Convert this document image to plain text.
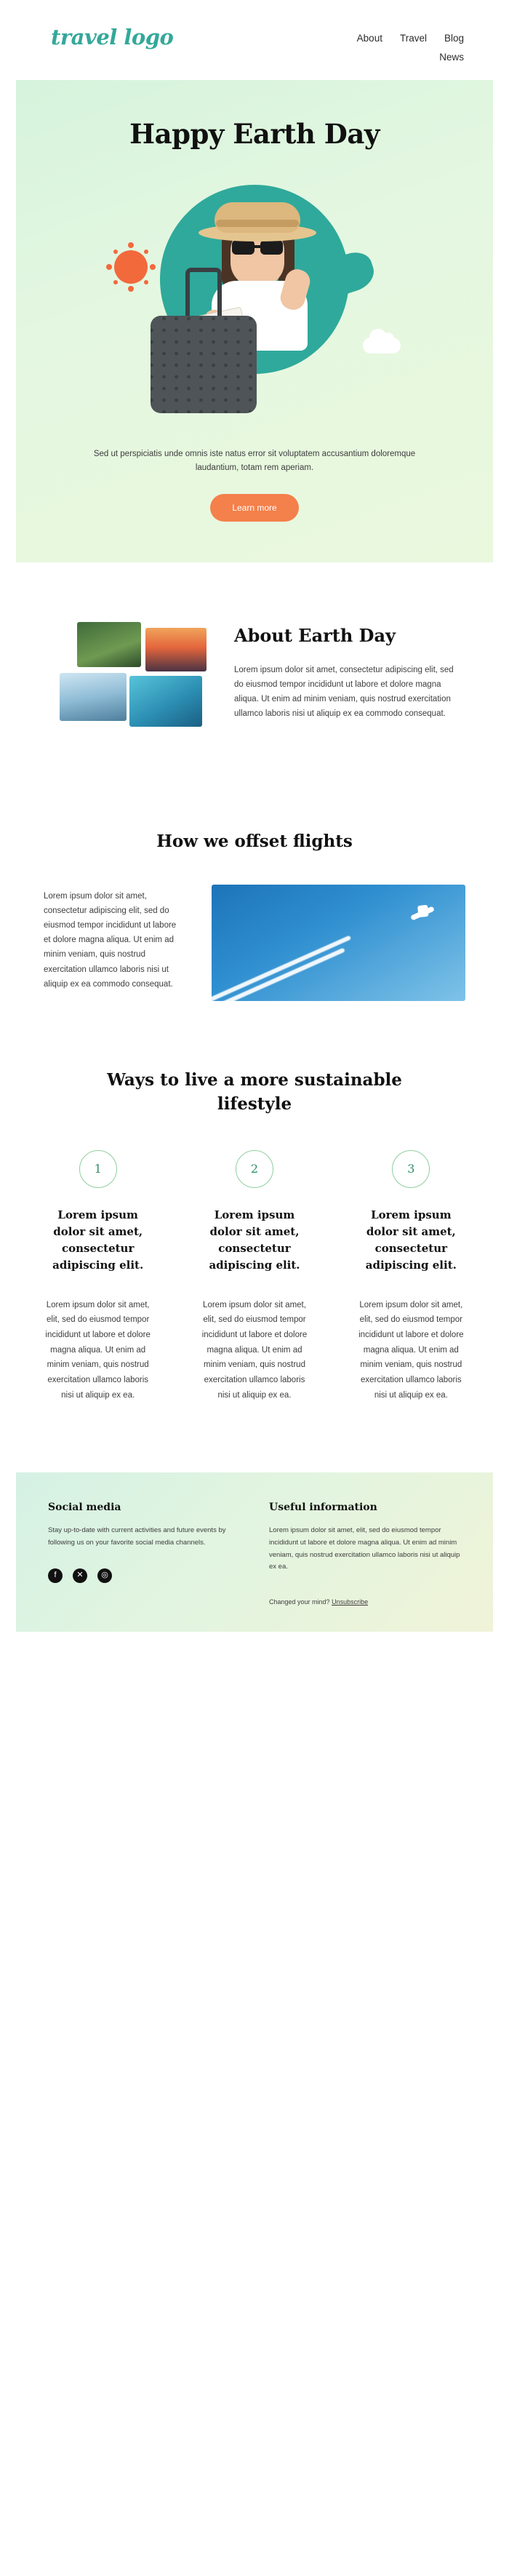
travel logo	About Travel Blog
News
Happy Earth Day

Sed ut perspiciatis unde omnis iste natus error sit voluptatem accusantium doloremque laudantium, totam rem aperiam.

Learn more
About Earth Day

Lorem ipsum dolor sit amet, consectetur adipiscing elit, sed do eiusmod tempor incididunt ut labore et dolore magna aliqua. Ut enim ad minim veniam, quis nostrud exercitation ullamco laboris nisi ut aliquip ex ea commodo consequat.

How we offset flights

Lorem ipsum dolor sit amet, consectetur adipiscing elit, sed do eiusmod tempor incididunt ut labore et dolore magna aliqua. Ut enim ad minim veniam, quis nostrud exercitation ullamco laboris nisi ut aliquip ex ea commodo consequat.

Ways to live a more sustainable lifestyle
1
Lorem ipsum dolor sit amet, consectetur adipiscing elit.

Lorem ipsum dolor sit amet, elit, sed do eiusmod tempor incididunt ut labore et dolore magna aliqua. Ut enim ad minim veniam, quis nostrud exercitation ullamco laboris nisi ut aliquip ex ea.

2
Lorem ipsum dolor sit amet, consectetur adipiscing elit.

Lorem ipsum dolor sit amet, elit, sed do eiusmod tempor incididunt ut labore et dolore magna aliqua. Ut enim ad minim veniam, quis nostrud exercitation ullamco laboris nisi ut aliquip ex ea.

3
Lorem ipsum dolor sit amet, consectetur adipiscing elit.

Lorem ipsum dolor sit amet, elit, sed do eiusmod tempor incididunt ut labore et dolore magna aliqua. Ut enim ad minim veniam, quis nostrud exercitation ullamco laboris nisi ut aliquip ex ea.

Social media

Stay up-to-date with current activities and future events by following us on your favorite social media channels.

f	✕	◎
Useful information

Lorem ipsum dolor sit amet, elit, sed do eiusmod tempor incididunt ut labore et dolore magna aliqua. Ut enim ad minim veniam, quis nostrud exercitation ullamco laboris nisi ut aliquip ex ea.

Changed your mind? Unsubscribe
